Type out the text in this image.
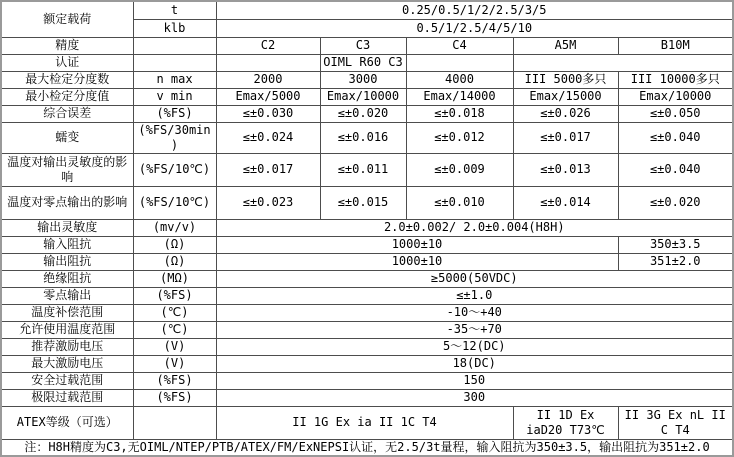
额定载荷	t	0.25/0.5/1/2/2.5/3/5				
	klb	0.5/1/2.5/4/5/10				
精度		C2	C3	C4	A5M	B10M
认证			OIML R60 C3			
最大检定分度数	n max	2000	3000	4000	III 5000多只	III 10000多只
最小检定分度值	v min	Emax/5000	Emax/10000	Emax/14000	Emax/15000	Emax/10000
综合误差	(%FS)	≤±0.030	≤±0.020	≤±0.018	≤±0.026	≤±0.050
蠕变	(%FS/30min)	≤±0.024	≤±0.016	≤±0.012	≤±0.017	≤±0.040
温度对输出灵敏度的影响	(%FS/10℃)	≤±0.017	≤±0.011	≤±0.009	≤±0.013	≤±0.040
温度对零点输出的影响	(%FS/10℃)	≤±0.023	≤±0.015	≤±0.010	≤±0.014	≤±0.020
输出灵敏度	(mv/v)	2.0±0.002/ 2.0±0.004(H8H)				
输入阻抗	(Ω)	1000±10				350±3.5
输出阻抗	(Ω)	1000±10				351±2.0
绝缘阻抗	(MΩ)	≥5000(50VDC)				
零点输出	(%FS)	≤±1.0				
温度补偿范围	(℃)	-10～+40				
允许使用温度范围	(℃)	-35～+70				
推荐激励电压	(V)	5～12(DC)				
最大激励电压	(V)	18(DC)				
安全过载范围	(%FS)	150				
极限过载范围	(%FS)	300				
ATEX等级（可选）		II 1G Ex ia II 1C T4			II 1D Ex iaD20 T73℃	II 3G Ex nL II C T4
注：H8H精度为C3,无OIML/NTEP/PTB/ATEX/FM/ExNEPSI认证，无2.5/3t量程，输入阻抗为350±3.5，输出阻抗为351±2.0						
